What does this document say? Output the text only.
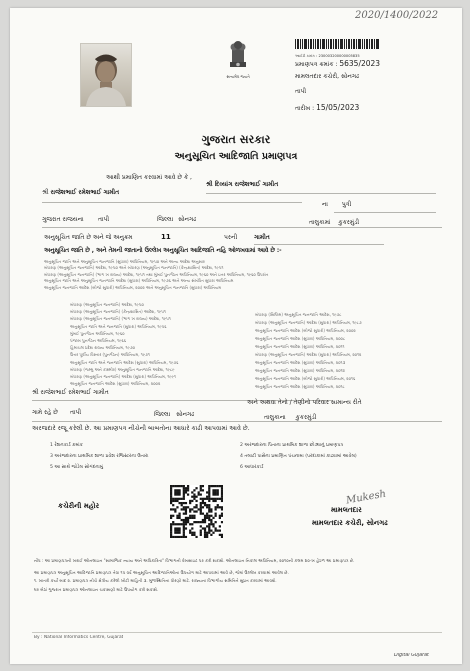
2020/1400/2022
સત્યમેવ જયતે
આઈડી ક્રમાંક : 230003200000005835
પ્રમાણપત્ર ક્રમાંક : 5635/2023
મામલતદાર કચેરી, સોનગઢ
તાપી
તારીખ : 15/05/2023
ગુજરાત સરકાર
અનુસૂચિત આદિજાતિ પ્રમાણપત્ર
આથી પ્રમાણિત કરવામાં આવે છે કે ,
શ્રી દિવ્યાંગ રાજેશભાઈ ગામીત
શ્રી રાજેશભાઈ રમેશભાઈ ગામીત
ના પુત્રી
ગુજરાત રાજયના તાપી	જિલ્લા સોનગઢ	તાલુકામાં કુકરમુંડી
અનુસૂચિત જાતિ છે અને જે અનુક્રમ	11	પરની	ગામીત
અનુસૂચિત જાતિ છે , અને તેમની જાતાનો ઉલ્લેખ અનુસૂચિત આદિજાતિ નહિ ઓળખવામાં આવે છે :-
અનુસૂચિત જાતિ અને અનુસૂચિત જનજાતિ (સુધારા) અધિનિયમ, ૧૯૫૦ અને અન્ય આદેશ અનુસાર
બંધારણ (અનુસૂચિત જનજાતિ) આદેશ, ૧૯૫૦ અને બંધારણ (અનુસૂચિત જનજાતિ) (કેન્દ્રશાસિત) આદેશ, ૧૯૫૧
બંધારણ (અનુસૂચિત જનજાતિ) (ભાગ ખ રાજ્ય) આદેશ, ૧૯૫૧ તથા મુંબઈ પુનર્ગઠન અધિનિયમ, ૧૯૬૦ અને ઇતર અધિનિયમ, ૧૯૬૦ ઉપરાંત
અનુસૂચિત જાતિ અને અનુસૂચિત જનજાતિ આદેશ (સુધારા) અધિનિયમ, ૧૯૭૬ અને અન્ય સંબંધિત સુધારા અધિનિયમ
અનુસૂચિત જનજાતિ આદેશ (બીજો સુધારો) અધિનિયમ, ૨૦૦૨ અને અનુસૂચિત જનજાતિ (સુધારા) અધિનિયમ
બંધારણ (અનુસૂચિત જનજાતિ) આદેશ, ૧૯૫૦
બંધારણ (અનુસૂચિત જનજાતિ) (કેન્દ્રશાસિત) આદેશ, ૧૯૫૧
બંધારણ (અનુસૂચિત જનજાતિ) (ભાગ ખ રાજ્ય) આદેશ, ૧૯૫૧
અનુસૂચિત જાતિ અને જનજાતિ (સુધારા) અધિનિયમ, ૧૯૫૬
મુંબઈ પુનર્ગઠન અધિનિયમ, ૧૯૬૦
પંજાબ પુનર્ગઠન અધિનિયમ, ૧૯૬૬
હિમાચલ પ્રદેશ રાજ્ય અધિનિયમ, ૧૯૭૦
ઉત્તર પૂર્વીય વિસ્તાર (પુનર્ગઠન) અધિનિયમ, ૧૯૭૧
અનુસૂચિત જાતિ અને જનજાતિ આદેશ (સુધારા) અધિનિયમ, ૧૯૭૬
બંધારણ (જમ્મુ અને કાશ્મીર) અનુસૂચિત જનજાતિ આદેશ, ૧૯૮૯
બંધારણ (અનુસૂચિત જનજાતિ) આદેશ (સુધારા) અધિનિયમ, ૧૯૯૧
અનુસૂચિત જનજાતિ આદેશ (સુધારા) અધિનિયમ, ૨૦૦૨
બંધારણ (સિક્કિમ) અનુસૂચિત જનજાતિ આદેશ, ૧૯૭૮
બંધારણ (અનુસૂચિત જનજાતિ) આદેશ (સુધારા) અધિનિયમ, ૧૯૮૭
અનુસૂચિત જનજાતિ આદેશ (બીજો સુધારો) અધિનિયમ, ૨૦૦૨
અનુસૂચિત જનજાતિ આદેશ (સુધારા) અધિનિયમ, ૨૦૦૮
અનુસૂચિત જનજાતિ આદેશ (સુધારા) અધિનિયમ, ૨૦૧૧
બંધારણ (અનુસૂચિત જનજાતિ) આદેશ (સુધારા) અધિનિયમ, ૨૦૧૨
અનુસૂચિત જનજાતિ આદેશ (સુધારા) અધિનિયમ, ૨૦૧૩
અનુસૂચિત જનજાતિ આદેશ (સુધારા) અધિનિયમ, ૨૦૧૪
અનુસૂચિત જનજાતિ આદેશ (બીજો સુધારો) અધિનિયમ, ૨૦૧૬
અનુસૂચિત જનજાતિ આદેશ (સુધારા) અધિનિયમ, ૨૦૧૮
શ્રી રાજેશભાઈ રમેશભાઈ ગામીત
અને અથવા તેનો / તેણીનો પરિવાર સામાન્ય રીતે
ગામે રહે છે તાપી	જિલ્લા સોનગઢ	તાલુકાના કુકરમુંડી
અરજદારે રજૂ કરેલી છે. આ પ્રમાણપત્ર નીચેની બાબતોના આધારે કાઢી આપવામાં આવે છે.
1 રેશનકાર્ડ ક્રમાંક
3 અરજદારના પ્રાથમિક શાળા પ્રવેશ રજિસ્ટરના ઉતારા
5 આ સાથે જોડેલ સોગંદનામું
2 અરજદારના પિતાના પ્રાથમિક શાળા છોડ્યાનું પ્રમાણપત્ર
4 તલાટી પાસેના પ્રમાણિત પંચનામા (પરદાકામાં કાઢવામાં આવેલ)
6 આધારકાર્ડ
કચેરીની મહોર	Mukesh
મામલતદાર
મામલતદાર કચેરી, સોનગઢ
નોંધ : આ પ્રમાણપત્રની ખરાઈ ઓનલાઇન "સામાજિક ન્યાય અને અધિકારિતા" વિભાગની વેબસાઇટ પર કરી શકાશે. ઓનલાઇન નિકાલ અધિનિયમ, ૨૦૧૦ની કલમ ૪૦-ખ હેઠળ આ પ્રમાણપત્ર છે.
આ પ્રમાણપત્ર અનુસૂચિત આદિજાતિ પ્રમાણપત્ર તેવા ૧૫ વર્ષ અનુસૂચિત આદિજાતિઓના ઉપયોગ માટે આપવામાં આવે છે, જેમાં ઉલ્લેખ કરવામાં આવેલ છે.
૧. ખાતરી કર્યા બાદ ૨. પ્રમાણપત્ર નીચે ક્ષેત્રીય કરેલી ખોટી માહિતી ૩. મુળસ્થિતિના ધોરણો માટે. રાજ્યના વિભાગીય સમિતિને સુપ્રત કરવામાં આવશે.
ઘર બેઠાં ગુજરાત પ્રમાણપત્ર ઓનલાઇન ચકાસણી માટે ઉપયોગ કરી શકાશે.
By : National Informatics Centre, Gujarat
Digital Gujarat
